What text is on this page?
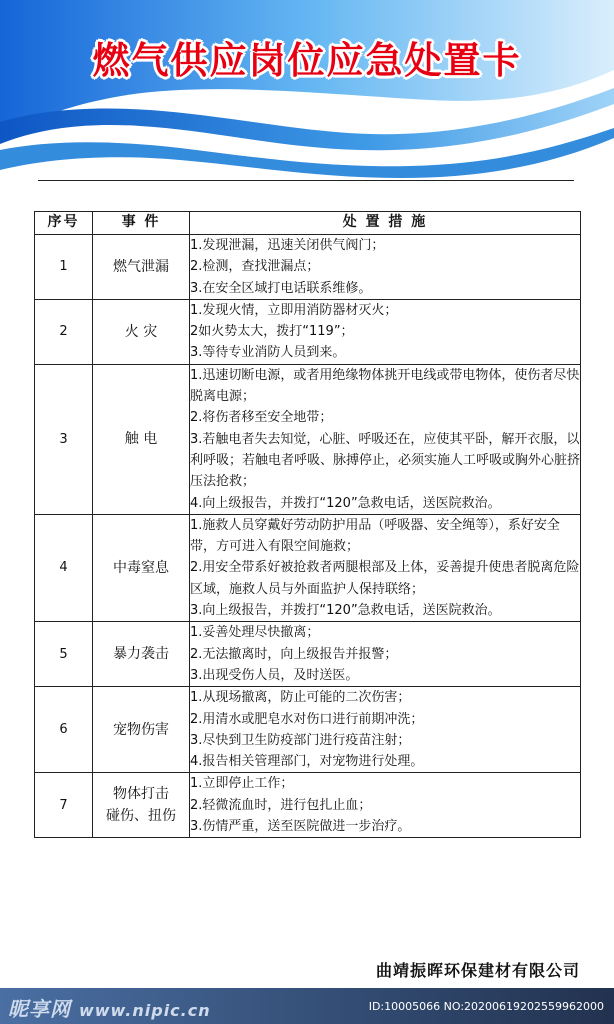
燃气供应岗位应急处置卡
序号	事 件	处 置 措 施
1	燃气泄漏	1.发现泄漏，迅速关闭供气阀门；
2.检测，查找泄漏点；
3.在安全区域打电话联系维修。

2	火 灾	1.发现火情，立即用消防器材灭火；
2如火势太大，拨打“119”；
3.等待专业消防人员到来。

3	触 电	1.迅速切断电源，或者用绝缘物体挑开电线或带电物体，使伤者尽快脱离电源；
2.将伤者移至安全地带；
3.若触电者失去知觉，心脏、呼吸还在，应使其平卧，解开衣服，以利呼吸；若触电者呼吸、脉搏停止，必须实施人工呼吸或胸外心脏挤压法抢救；
4.向上级报告，并拨打“120”急救电话，送医院救治。

4	中毒窒息	1.施救人员穿戴好劳动防护用品（呼吸器、安全绳等），系好安全带，方可进入有限空间施救；
2.用安全带系好被抢救者两腿根部及上体，妥善提升使患者脱离危险区域，施救人员与外面监护人保持联络；
3.向上级报告，并拨打“120”急救电话，送医院救治。

5	暴力袭击	1.妥善处理尽快撤离；
2.无法撤离时，向上级报告并报警；
3.出现受伤人员，及时送医。

6	宠物伤害	1.从现场撤离，防止可能的二次伤害；
2.用清水或肥皂水对伤口进行前期冲洗；
3.尽快到卫生防疫部门进行疫苗注射；
4.报告相关管理部门，对宠物进行处理。

7	物体打击
碰伤、扭伤	1.立即停止工作；
2.轻微流血时，进行包扎止血；
3.伤情严重，送至医院做进一步治疗。
曲靖振晖环保建材有限公司
昵享网 www.nipic.cn	ID:10005066 NO:20200619202559962000
